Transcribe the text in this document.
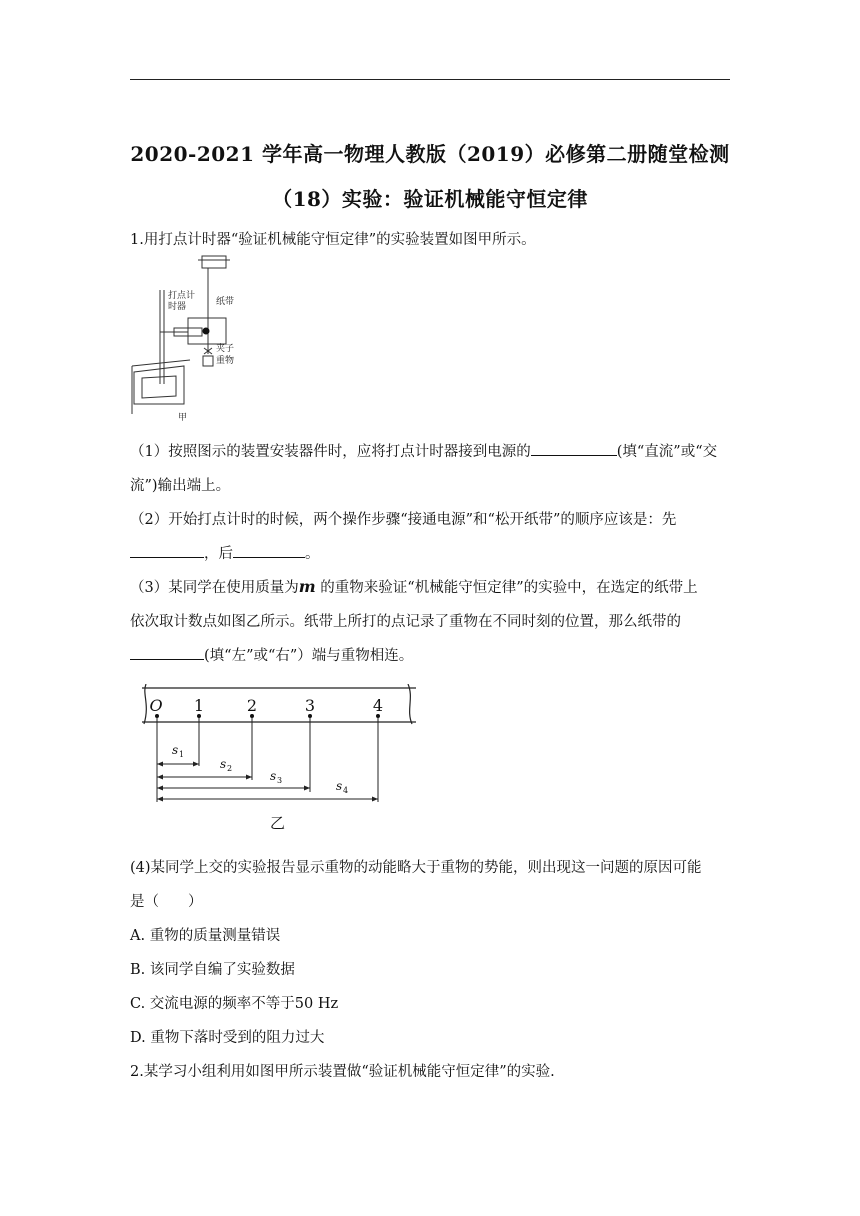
2020-2021 学年高一物理人教版（2019）必修第二册随堂检测
（18）实验：验证机械能守恒定律
1.用打点计时器“验证机械能守恒定律”的实验装置如图甲所示。
打点计
时器	纸带
夹子
重物
甲
（1）按照图示的装置安装器件时，应将打点计时器接到电源的	(填“直流”或“交
流”)输出端上。
（2）开始打点计时的时候，两个操作步骤“接通电源”和“松开纸带”的顺序应该是：先
，后	。
（3）某同学在使用质量为m 的重物来验证“机械能守恒定律”的实验中，在选定的纸带上
依次取计数点如图乙所示。纸带上所打的点记录了重物在不同时刻的位置，那么纸带的
(填“左”或“右”）端与重物相连。
O 1	2	3	4
s
s
s
s
1
2
3
4
乙
(4)某同学上交的实验报告显示重物的动能略大于重物的势能，则出现这一问题的原因可能
是（　　）
A. 重物的质量测量错误
B. 该同学自编了实验数据
C. 交流电源的频率不等于50 Hz
D. 重物下落时受到的阻力过大
2.某学习小组利用如图甲所示装置做“验证机械能守恒定律”的实验.
